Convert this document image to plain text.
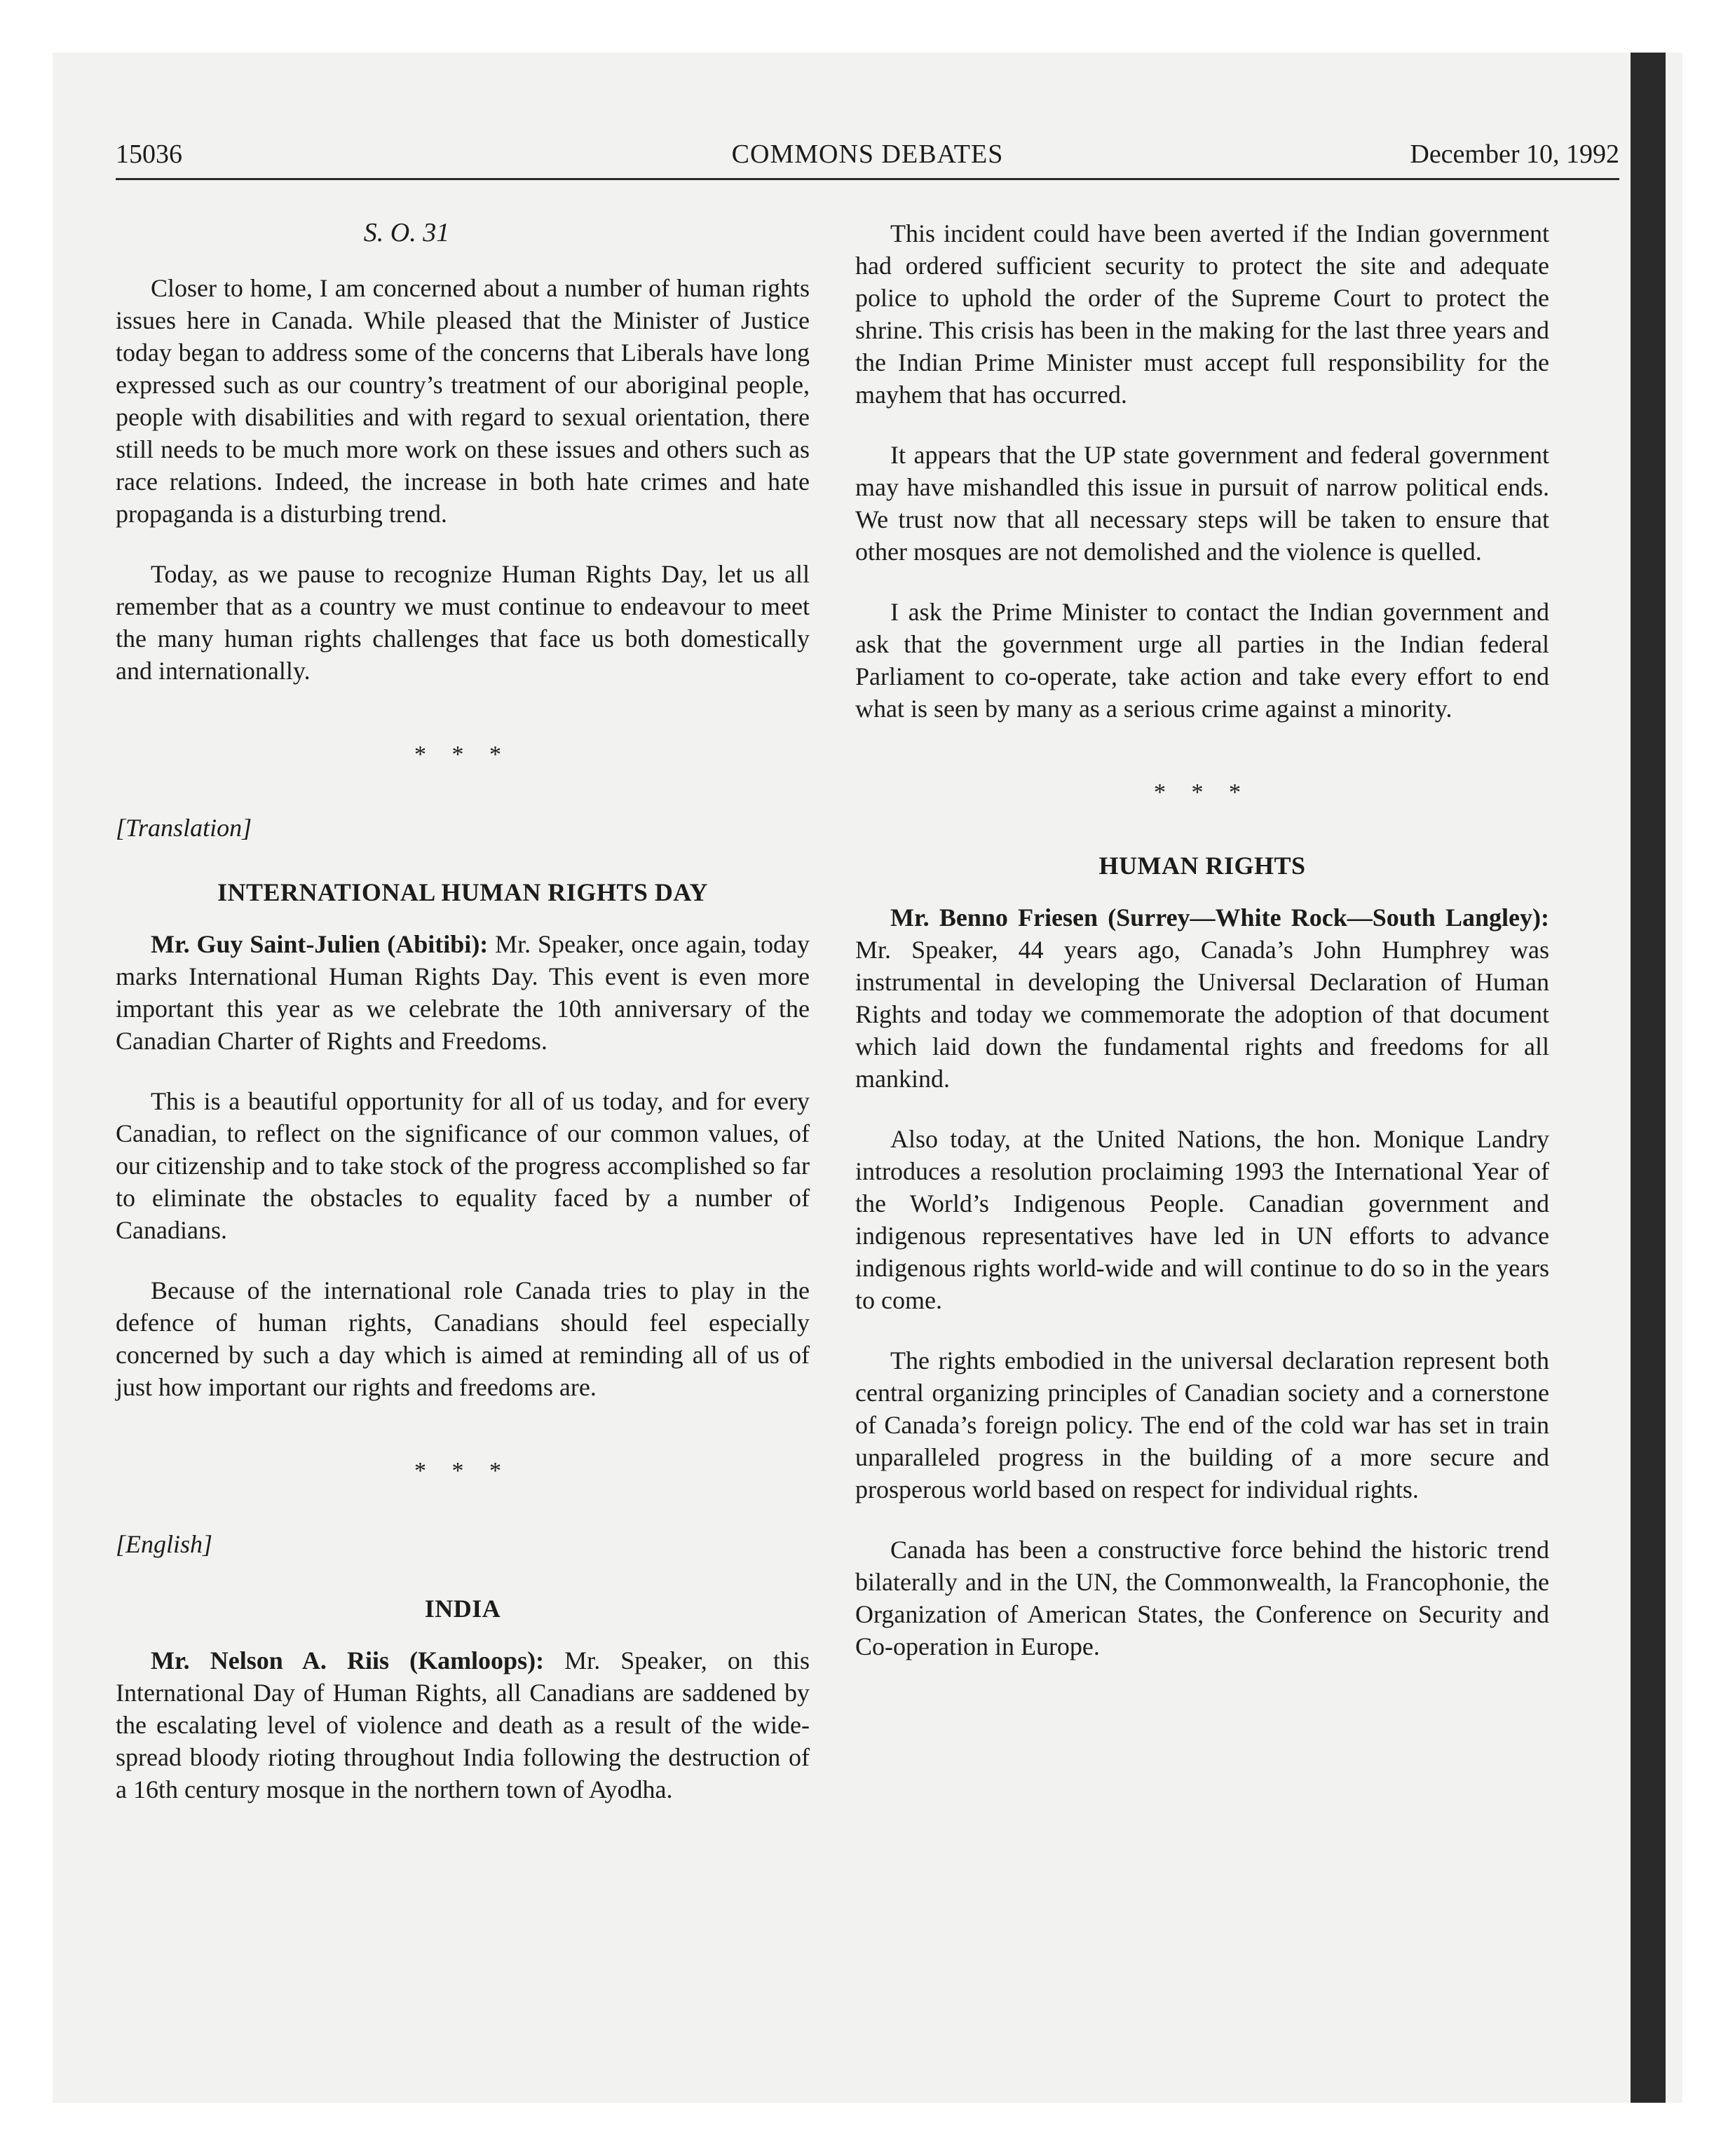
COMMONS DEBATES
15036	December 10, 1992
S. O. 31

Closer to home, I am concerned about a number of human rights issues here in Canada. While pleased that the Minister of Justice today began to address some of the concerns that Liberals have long expressed such as our country’s treatment of our aboriginal people, people with disabilities and with regard to sexual orientation, there still needs to be much more work on these issues and others such as race relations. Indeed, the increase in both hate crimes and hate propaganda is a disturbing trend.

Today, as we pause to recognize Human Rights Day, let us all remember that as a country we must continue to endeavour to meet the many human rights challenges that face us both domestically and internationally.

* * *
[Translation]
INTERNATIONAL HUMAN RIGHTS DAY

Mr. Guy Saint-Julien (Abitibi): Mr. Speaker, once again, today marks International Human Rights Day. This event is even more important this year as we celebrate the 10th anniversary of the Canadian Charter of Rights and Freedoms.

This is a beautiful opportunity for all of us today, and for every Canadian, to reflect on the significance of our common values, of our citizenship and to take stock of the progress accomplished so far to eliminate the obstacles to equality faced by a number of Canadians.

Because of the international role Canada tries to play in the defence of human rights, Canadians should feel especially concerned by such a day which is aimed at reminding all of us of just how important our rights and freedoms are.

* * *
[English]
INDIA

Mr. Nelson A. Riis (Kamloops): Mr. Speaker, on this International Day of Human Rights, all Canadians are saddened by the escalating level of violence and death as a result of the wide-spread bloody rioting throughout India following the destruction of a 16th century mosque in the northern town of Ayodha.

This incident could have been averted if the Indian government had ordered sufficient security to protect the site and adequate police to uphold the order of the Supreme Court to protect the shrine. This crisis has been in the making for the last three years and the Indian Prime Minister must accept full responsibility for the mayhem that has occurred.

It appears that the UP state government and federal government may have mishandled this issue in pursuit of narrow political ends. We trust now that all necessary steps will be taken to ensure that other mosques are not demolished and the violence is quelled.

I ask the Prime Minister to contact the Indian government and ask that the government urge all parties in the Indian federal Parliament to co-operate, take action and take every effort to end what is seen by many as a serious crime against a minority.

* * *
HUMAN RIGHTS

Mr. Benno Friesen (Surrey—White Rock—South Langley): Mr. Speaker, 44 years ago, Canada’s John Humphrey was instrumental in developing the Universal Declaration of Human Rights and today we commemorate the adoption of that document which laid down the fundamental rights and freedoms for all mankind.

Also today, at the United Nations, the hon. Monique Landry introduces a resolution proclaiming 1993 the International Year of the World’s Indigenous People. Canadian government and indigenous representatives have led in UN efforts to advance indigenous rights world-wide and will continue to do so in the years to come.

The rights embodied in the universal declaration represent both central organizing principles of Canadian society and a cornerstone of Canada’s foreign policy. The end of the cold war has set in train unparalleled progress in the building of a more secure and prosperous world based on respect for individual rights.

Canada has been a constructive force behind the historic trend bilaterally and in the UN, the Commonwealth, la Francophonie, the Organization of American States, the Conference on Security and Co-operation in Europe.
